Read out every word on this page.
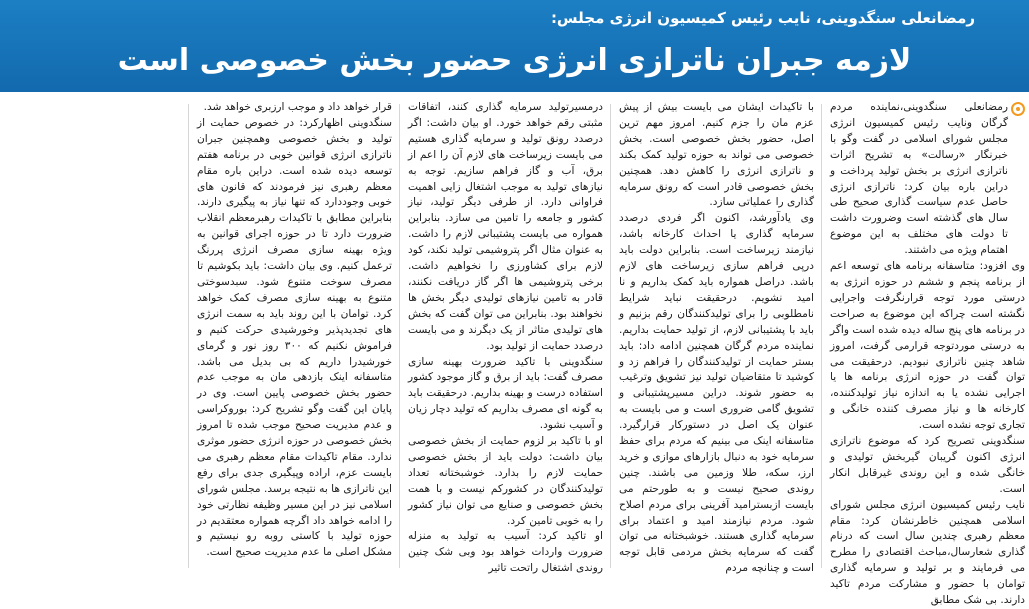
رمضانعلی سنگدوینی، نایب رئیس کمیسیون انرژی مجلس:
لازمه جبران ناترازی انرژی حضور بخش خصوصی است

رمضانعلی سنگدوینی،نماینده مردم گرگان ونایب رئیس کمیسیون انرژی مجلس شورای اسلامی در گفت وگو با خبرنگار «رسالت» به تشریح اثرات ناترازی انرژی بر بخش تولید پرداخت و دراین باره بیان کرد: ناترازی انرژی حاصل عدم سیاست گذاری صحیح طی سال های گذشته است وضرورت داشت تا دولت های مختلف به این موضوع اهتمام ویژه می داشتند.

وی افزود: متاسفانه برنامه های توسعه اعم از برنامه پنجم و ششم در حوزه انرژی به درستی مورد توجه قرارنگرفت واجرایی نگشته است چراکه این موضوع به صراحت در برنامه های پنج ساله دیده شده است واگر به درستی موردتوجه قرارمی گرفت، امروز شاهد چنین ناترازی نبودیم. درحقیقت می توان گفت در حوزه انرژی برنامه ها یا اجرایی نشده یا به اندازه نیاز تولیدکننده، کارخانه ها و نیاز مصرف کننده خانگی و تجاری توجه نشده است.

سنگدوینی تصریح کرد که موضوع ناترازی انرژی اکنون گریبان گیربخش تولیدی و خانگی شده و این روندی غیرقابل انکار است.

نایب رئیس کمیسیون انرژی مجلس شورای اسلامی همچنین خاطرنشان کرد: مقام معظم رهبری چندین سال است که درنام گذاری شعارسال،مباحث اقتصادی را مطرح می فرمایند و بر تولید و سرمایه گذاری توامان با حضور و مشارکت مردم تاکید دارند. بی شک مطابق

با تاکیدات ایشان می بایست بیش از پیش عزم مان را جزم کنیم. امروز مهم ترین اصل، حضور بخش خصوصی است. بخش خصوصی می تواند به حوزه تولید کمک بکند و ناترازی انرژی را کاهش دهد. همچنین بخش خصوصی قادر است که رونق سرمایه گذاری را عملیاتی سازد.

وی یادآورشد، اکنون اگر فردی درصدد سرمایه گذاری یا احداث کارخانه باشد، نیازمند زیرساخت است. بنابراین دولت باید درپی فراهم سازی زیرساخت های لازم باشد. دراصل همواره باید کمک بداریم و نا امید نشویم. درحقیقت نباید شرایط نامطلوبی را برای تولیدکنندگان رقم بزنیم و باید با پشتیبانی لازم، از تولید حمایت بداریم. نماینده مردم گرگان همچنین ادامه داد: باید بستر حمایت از تولیدکنندگان را فراهم زد و کوشید تا متقاضیان تولید نیز تشویق وترغیب به حضور شوند. دراین مسیرپشتیبانی و تشویق گامی ضروری است و می بایست به عنوان یک اصل در دستورکار قرارگیرد. متاسفانه اینک می بینیم که مردم برای حفظ سرمایه خود به دنبال بازارهای موازی و خرید ارز، سکه، طلا وزمین می باشند. چنین روندی صحیح نیست و به طورحتم می بایست ازبسترامید آفرینی برای مردم اصلاح شود. مردم نیازمند امید و اعتماد برای سرمایه گذاری هستند. خوشبختانه می توان گفت که سرمایه بخش مردمی قابل توجه است و چنانچه مردم

درمسیرتولید سرمایه گذاری کنند، اتفاقات مثبتی رقم خواهد خورد. او بیان داشت: اگر درصدد رونق تولید و سرمایه گذاری هستیم می بایست زیرساخت های لازم آن را اعم از برق، آب و گاز فراهم سازیم. توجه به نیازهای تولید به موجب اشتغال زایی اهمیت فراوانی دارد. از طرفی دیگر تولید، نیاز کشور و جامعه را تامین می سازد. بنابراین همواره می بایست پشتیبانی لازم را داشت. به عنوان مثال اگر پتروشیمی تولید نکند، کود لازم برای کشاورزی را نخواهیم داشت. برخی پتروشیمی ها اگر گاز دریافت نکنند، قادر به تامین نیازهای تولیدی دیگر بخش ها نخواهند بود. بنابراین می توان گفت که بخش های تولیدی متاثر از یک دیگرند و می بایست درصدد حمایت از تولید بود.

سنگدوینی با تاکید ضرورت بهینه سازی مصرف گفت: باید از برق و گاز موجود کشور استفاده درست و بهینه بداریم. درحقیقت باید به گونه ای مصرف بداریم که تولید دچار زیان و آسیب نشود.

او با تاکید بر لزوم حمایت از بخش خصوصی بیان داشت: دولت باید از بخش خصوصی حمایت لازم را بدارد. خوشبختانه تعداد تولیدکنندگان در کشورکم نیست و با همت بخش خصوصی و صنایع می توان نیاز کشور را به خوبی تامین کرد.

او تاکید کرد: آسیب به تولید به منزله ضرورت واردات خواهد بود وبی شک چنین روندی اشتغال راتحت تاثیر

قرار خواهد داد و موجب ارزبری خواهد شد.

سنگدوینی اظهارکرد: در خصوص حمایت از تولید و بخش خصوصی وهمچنین جبران ناترازی انرژی قوانین خوبی در برنامه هفتم توسعه دیده شده است. دراین باره مقام معظم رهبری نیز فرمودند که قانون های خوبی وجوددارد که تنها نیاز به پیگیری دارند. بنابراین مطابق با تاکیدات رهبرمعظم انقلاب ضرورت دارد تا در حوزه اجرای قوانین به ویژه بهینه سازی مصرف انرژی پررنگ ترعمل کنیم. وی بیان داشت: باید بکوشیم تا مصرف سوخت متنوع شود. سبدسوختی متنوع به بهینه سازی مصرف کمک خواهد کرد. توامان با این روند باید به سمت انرژی های تجدیدپذیر وخورشیدی حرکت کنیم و فراموش نکنیم که ۳۰۰ روز نور و گرمای خورشیدرا داریم که بی بدیل می باشد. متاسفانه اینک بازدهی مان به موجب عدم حضور بخش خصوصی پایین است. وی در پایان این گفت وگو تشریح کرد: بوروکراسی و عدم مدیریت صحیح موجب شده تا امروز بخش خصوصی در حوزه انرژی حضور موثری ندارد. مقام تاکیدات مقام معظم رهبری می بایست عزم، اراده وپیگیری جدی برای رفع این ناترازی ها به نتیجه برسد. مجلس شورای اسلامی نیز در این مسیر وظیفه نظارتی خود را ادامه خواهد داد اگرچه همواره معتقدیم در حوزه تولید با کاستی روبه رو نیستیم و مشکل اصلی ما عدم مدیریت صحیح است.
